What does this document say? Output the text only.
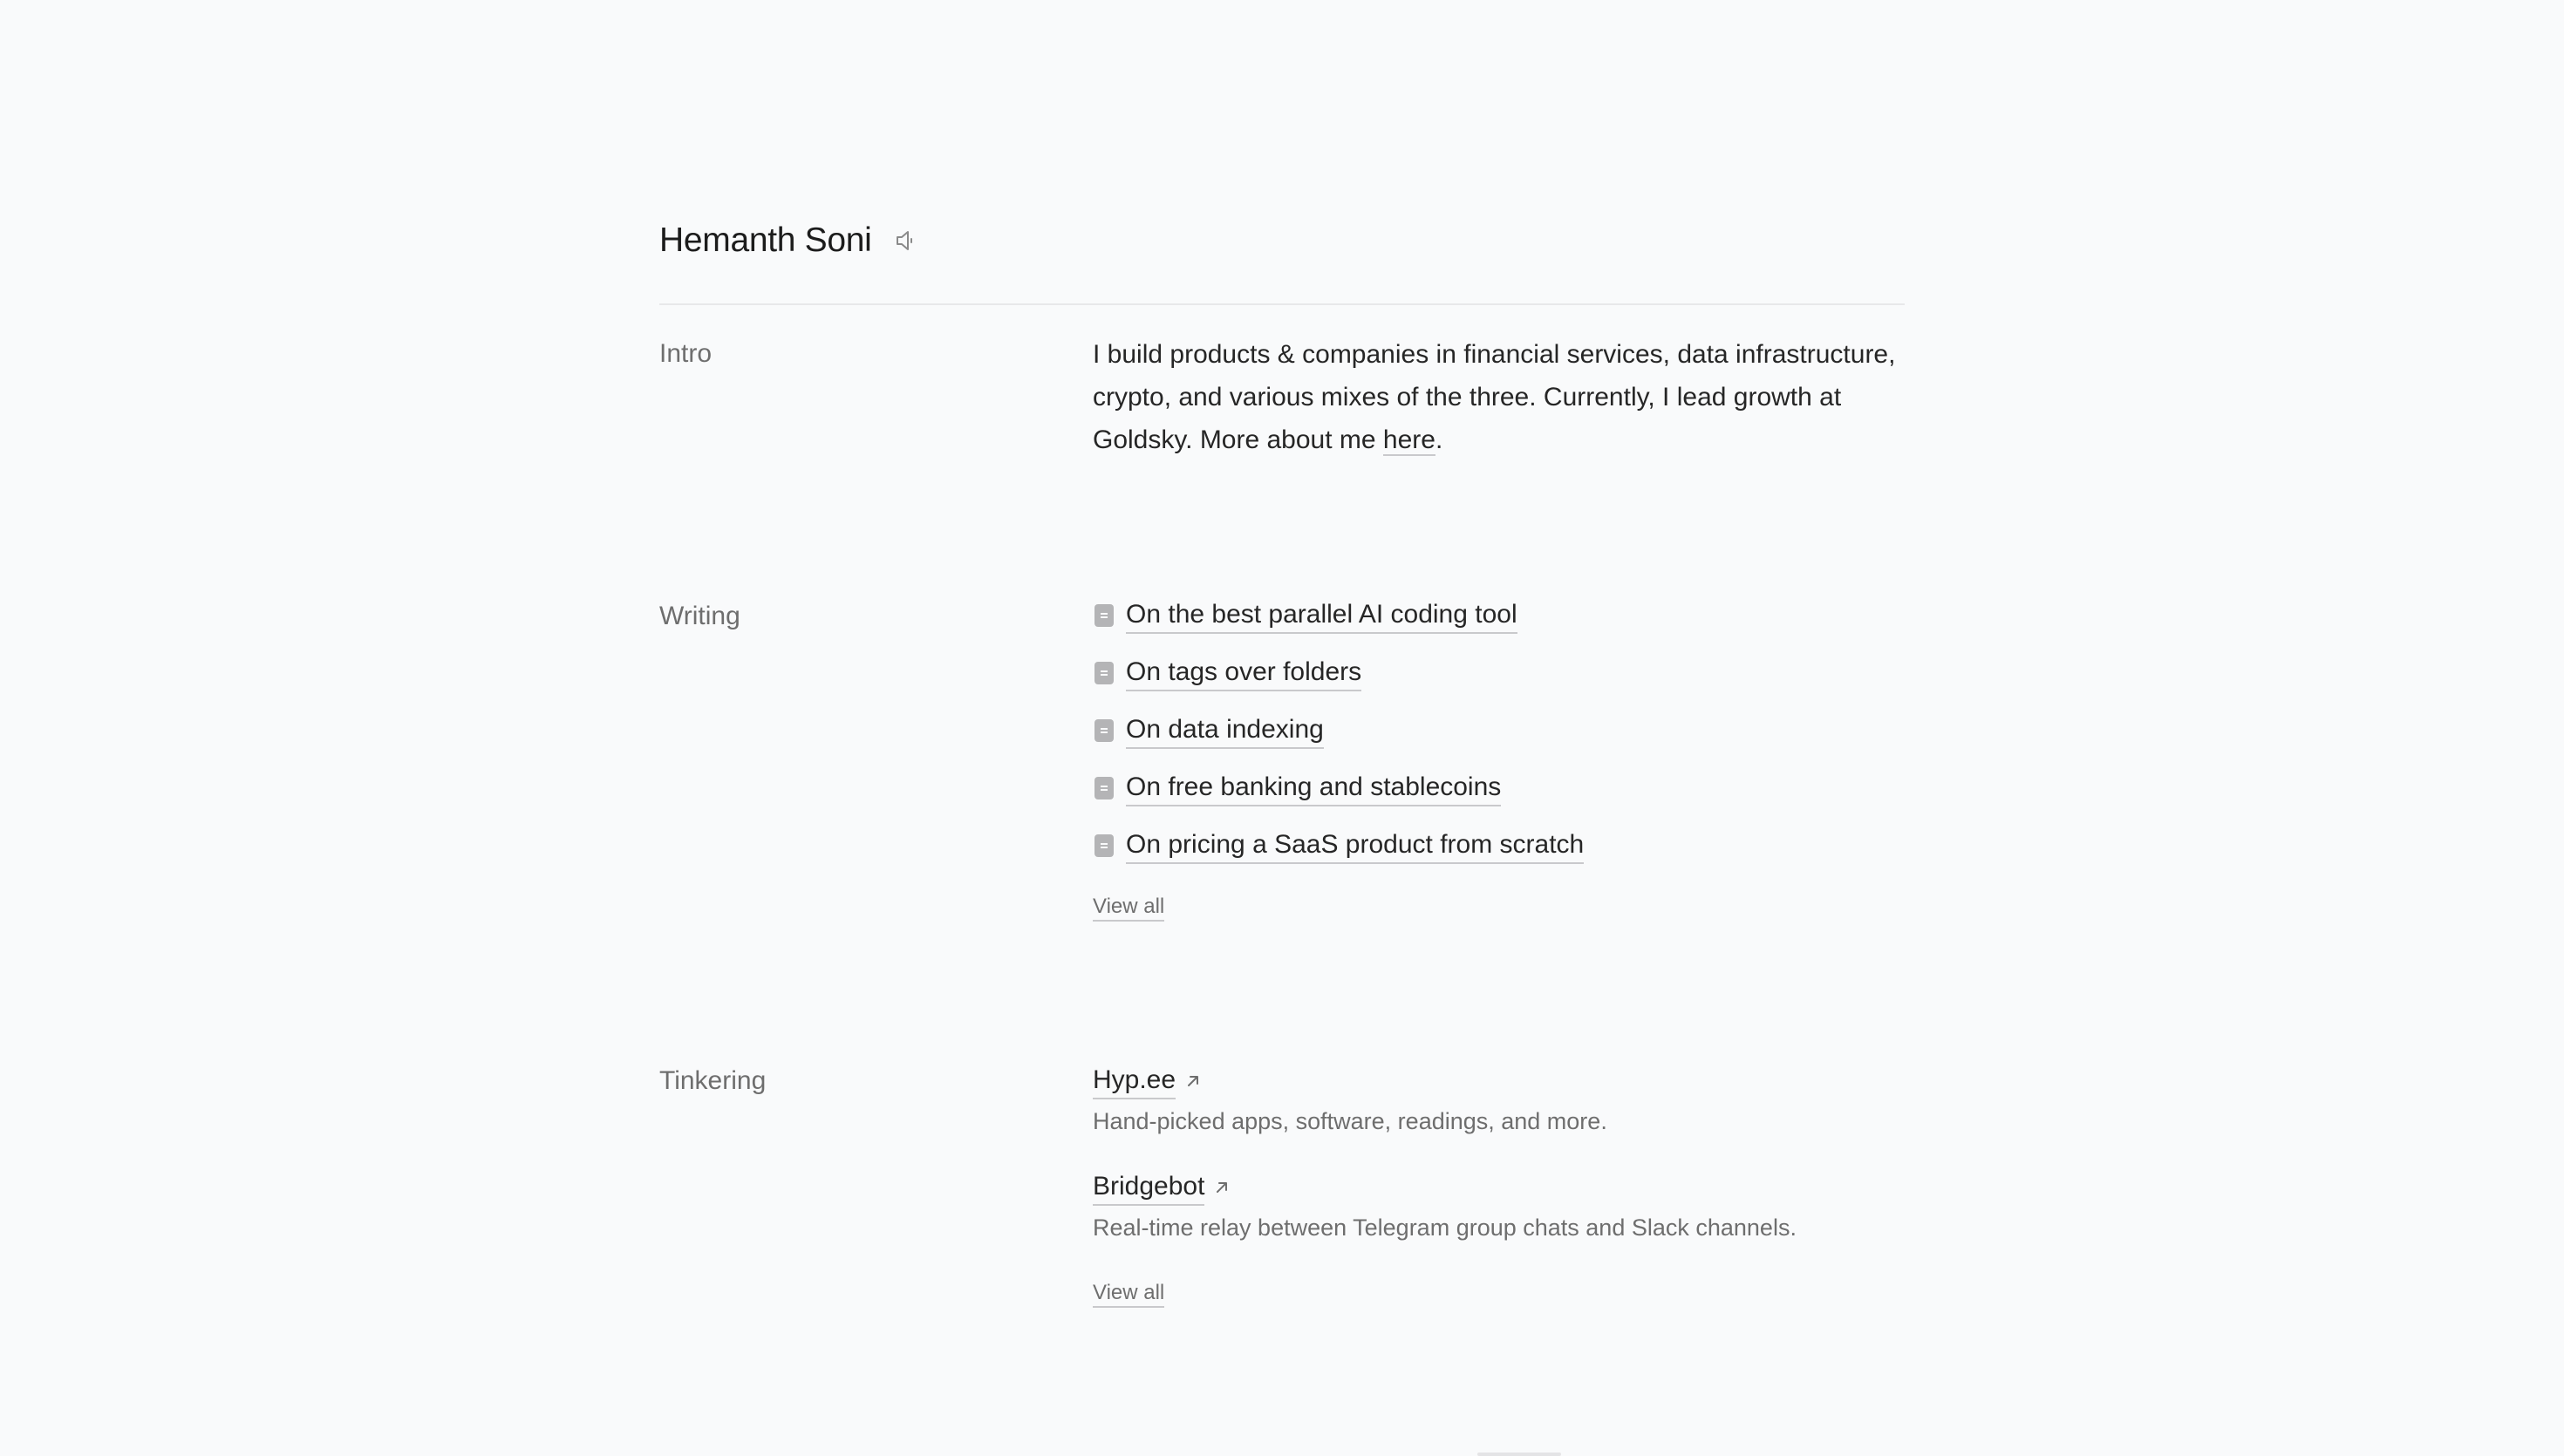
Hemanth Soni
Intro	I build products & companies in financial services, data infrastructure, crypto, and various mixes of the three. Currently, I lead growth at Goldsky. More about me here.

Writing	On the best parallel AI coding tool
On tags over folders
On data indexing
On free banking and stablecoins
On pricing a SaaS product from scratch
View all
Tinkering	Hyp.ee

Hand-picked apps, software, readings, and more.

Bridgebot

Real-time relay between Telegram group chats and Slack channels.

View all
